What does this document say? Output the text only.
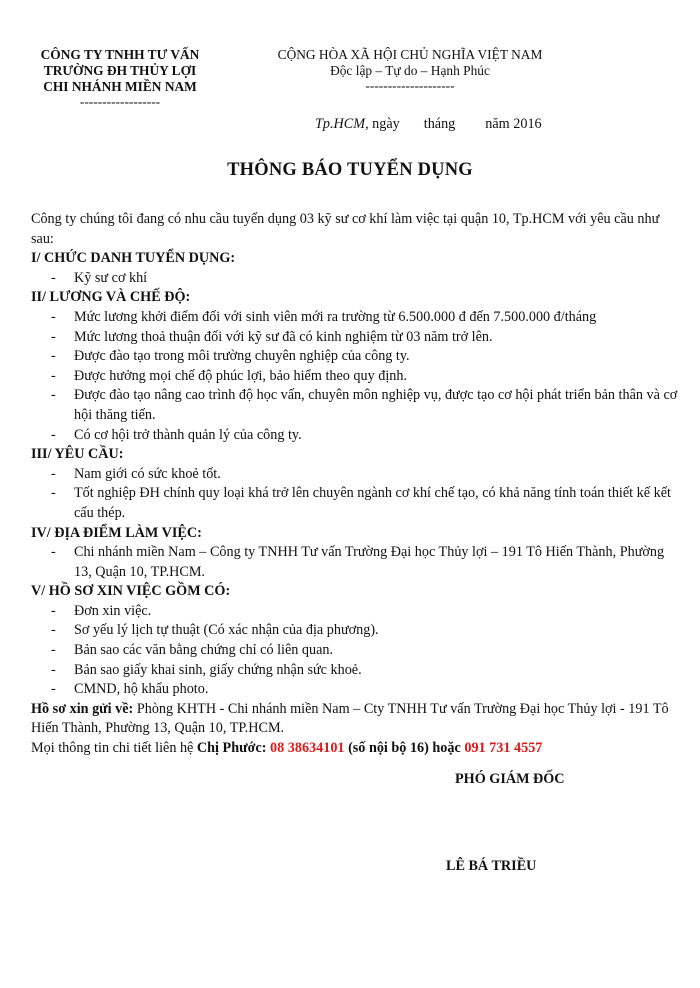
CÔNG TY TNHH TƯ VẤN
TRƯỜNG ĐH THỦY LỢI
CHI NHÁNH MIỀN NAM
------------------
CỘNG HÒA XÃ HỘI CHỦ NGHĨA VIỆT NAM
Độc lập – Tự do – Hạnh Phúc
--------------------
Tp.HCM, ngày tháng năm 2016
THÔNG BÁO TUYỂN DỤNG

Công ty chúng tôi đang có nhu cầu tuyển dụng 03 kỹ sư cơ khí làm việc tại quận 10, Tp.HCM với yêu cầu như sau:

I/ CHỨC DANH TUYỂN DỤNG:

- Kỹ sư cơ khí

II/ LƯƠNG VÀ CHẾ ĐỘ:

- Mức lương khởi điểm đối với sinh viên mới ra trường từ 6.500.000 đ đến 7.500.000 đ/tháng
- Mức lương thoả thuận đối với kỹ sư đã có kinh nghiệm từ 03 năm trở lên.
- Được đào tạo trong môi trường chuyên nghiệp của công ty.
- Được hưởng mọi chế độ phúc lợi, bảo hiểm theo quy định.
- Được đào tạo nâng cao trình độ học vấn, chuyên môn nghiệp vụ, được tạo cơ hội phát triển bản thân và cơ hội thăng tiến.
- Có cơ hội trở thành quản lý của công ty.

III/ YÊU CẦU:

- Nam giới có sức khoẻ tốt.
- Tốt nghiệp ĐH chính quy loại khá trở lên chuyên ngành cơ khí chế tạo, có khả năng tính toán thiết kế kết cấu thép.

IV/ ĐỊA ĐIỂM LÀM VIỆC:

- Chi nhánh miền Nam – Công ty TNHH Tư vấn Trường Đại học Thủy lợi – 191 Tô Hiến Thành, Phường 13, Quận 10, TP.HCM.

V/ HỒ SƠ XIN VIỆC GỒM CÓ:

- Đơn xin việc.
- Sơ yếu lý lịch tự thuật (Có xác nhận của địa phương).
- Bản sao các văn bằng chứng chỉ có liên quan.
- Bản sao giấy khai sinh, giấy chứng nhận sức khoẻ.
- CMND, hộ khẩu photo.

Hồ sơ xin gửi về: Phòng KHTH - Chi nhánh miền Nam – Cty TNHH Tư vấn Trường Đại học Thủy lợi - 191 Tô Hiến Thành, Phường 13, Quận 10, TP.HCM.

Mọi thông tin chi tiết liên hệ Chị Phước: 08 38634101 (số nội bộ 16) hoặc 091 731 4557

PHÓ GIÁM ĐỐC
LÊ BÁ TRIỀU
